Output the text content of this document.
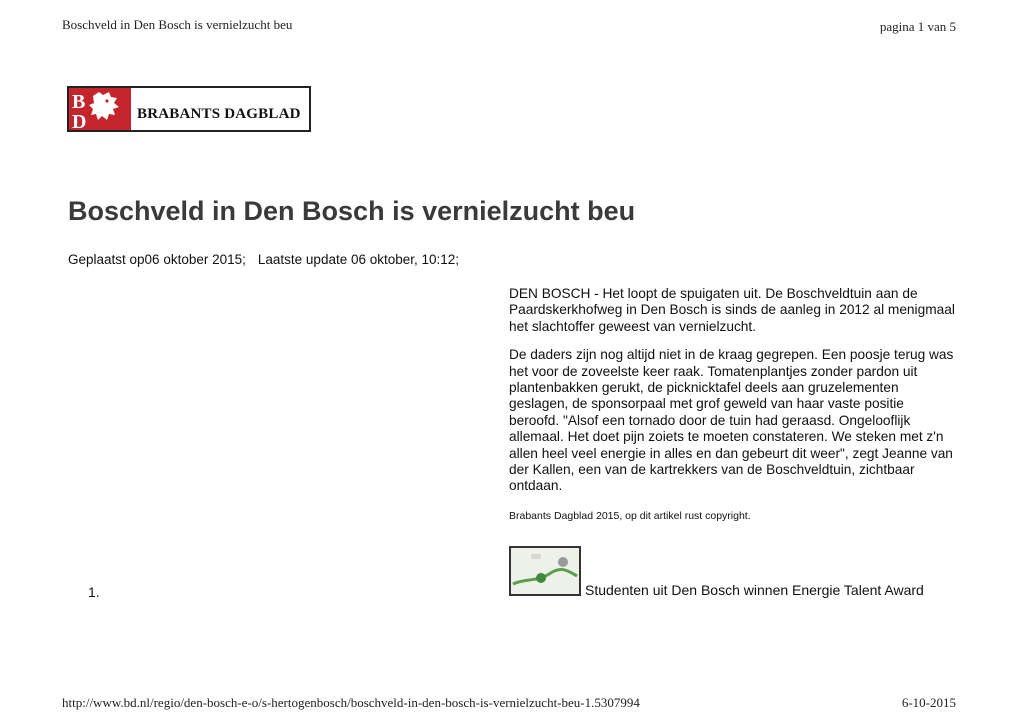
Boschveld in Den Bosch is vernielzucht beu	pagina 1 van 5
B
D	BRABANTS DAGBLAD
Boschveld in Den Bosch is vernielzucht beu
Geplaatst op06 oktober 2015; Laatste update 06 oktober, 10:12;

DEN BOSCH - Het loopt de spuigaten uit. De Boschveldtuin aan de Paardskerkhofweg in Den Bosch is sinds de aanleg in 2012 al menigmaal het slachtoffer geweest van vernielzucht.

De daders zijn nog altijd niet in de kraag gegrepen. Een poosje terug was het voor de zoveelste keer raak. Tomatenplantjes zonder pardon uit plantenbakken gerukt, de picknicktafel deels aan gruzelementen geslagen, de sponsorpaal met grof geweld van haar vaste positie beroofd. "Alsof een tornado door de tuin had geraasd. Ongelooflijk allemaal. Het doet pijn zoiets te moeten constateren. We steken met z'n allen heel veel energie in alles en dan gebeurt dit weer", zegt Jeanne van der Kallen, een van de kartrekkers van de Boschveldtuin, zichtbaar ontdaan.

Brabants Dagblad 2015, op dit artikel rust copyright.

1.	Studenten uit Den Bosch winnen Energie Talent Award
http://www.bd.nl/regio/den-bosch-e-o/s-hertogenbosch/boschveld-in-den-bosch-is-vernielzucht-beu-1.5307994	6-10-2015
